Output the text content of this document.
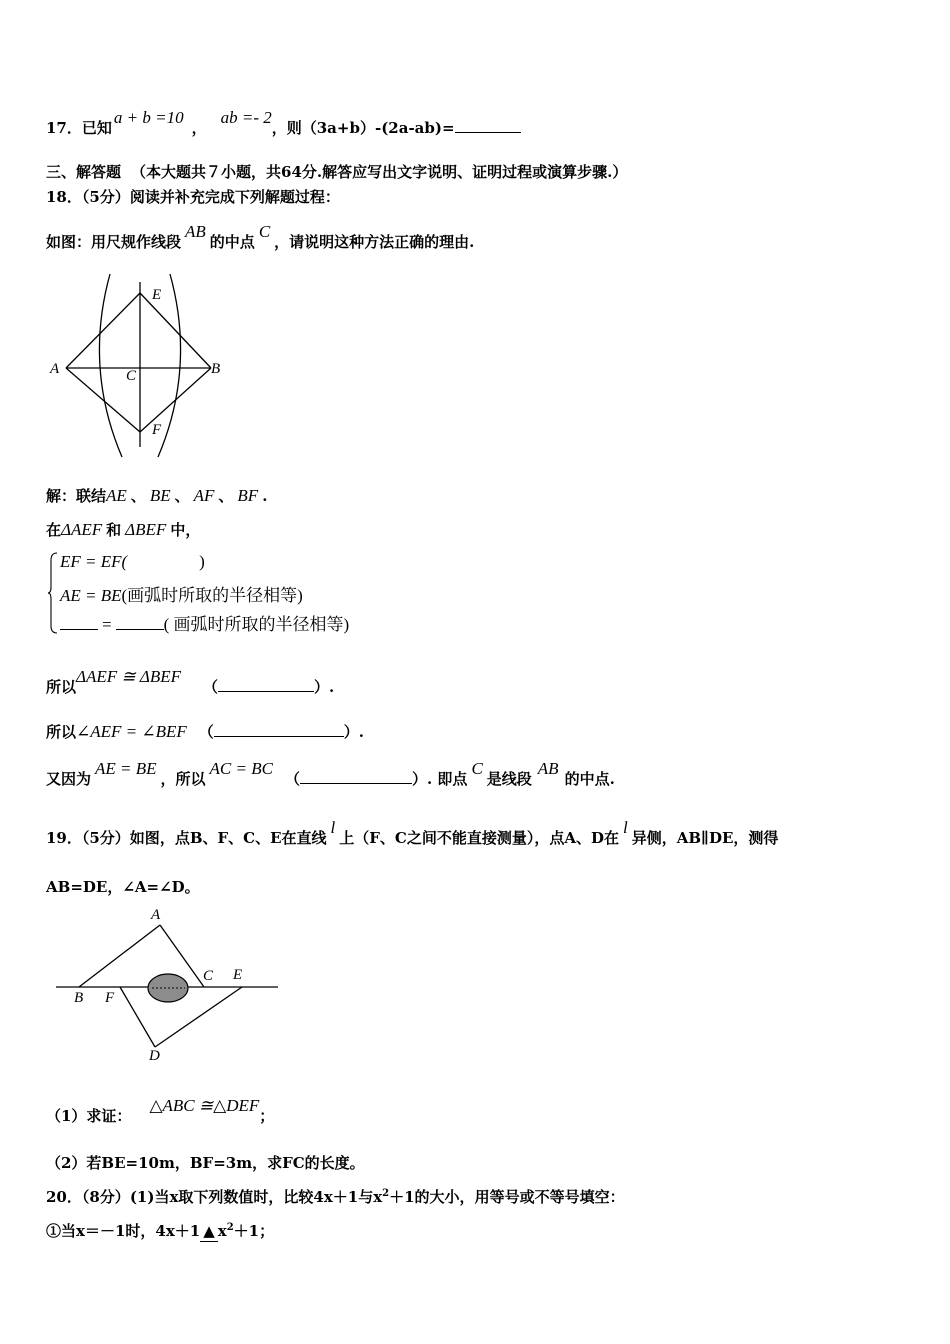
17．已知a + b =10，ab =- 2，则（3a+b）-(2a-ab)=
三、解答题 （本大题共７小题，共64分.解答应写出文字说明、证明过程或演算步骤.）
18．（5分）阅读并补充完成下列解题过程：
如图：用尺规作线段AB的中点C，请说明这种方法正确的理由.
A	B
C
E
F
解：联结AE 、 BE 、 AF 、 BF .
在ΔAEF 和 ΔBEF 中，
EF = EF(	)
AE = BE(画弧时所取的半径相等)
=	( 画弧时所取的半径相等)
所以ΔAEF ≅ ΔBEF（	）.
所以∠AEF = ∠BEF （	）.
又因为AE = BE，所以AC = BC（	）. 即点C是线段AB的中点.
19．（5分）如图，点B、F、C、E在直线l上（F、C之间不能直接测量），点A、D在l异侧，AB∥DE，测得
AB=DE，∠A=∠D。
A
B F
C E
D
（1）求证：△ABC ≅△DEF；
（2）若BE=10m，BF=3m，求FC的长度。
20．（8分）(1)当x取下列数值时，比较4x＋1与$x^2+1$的大小，用等号或不等号填空：
①当x＝－1时，4x＋1 ▲ $x^2+1$；
